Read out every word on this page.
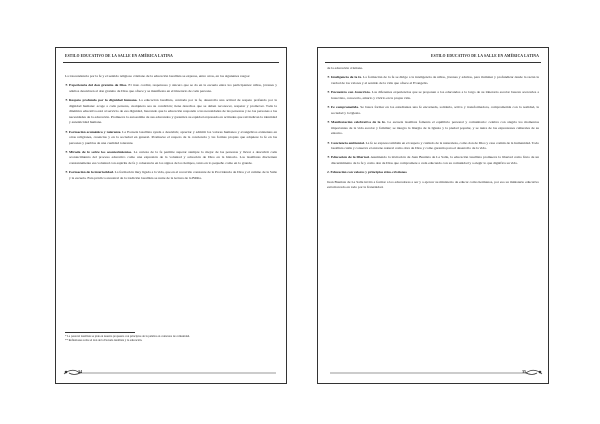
ESTILO EDUCATIVO DE LA SALLE EN AMÉRICA LATINA

La trascendencia por la fe y el sentido religioso cristiano de la educación lasallista se expresa, entre otros, en los siguientes rasgos:

❧ Experiencia del don gratuito de Dios. El trato cordial, respetuoso y sincero que se da en la escuela entre los participantes: niños, jóvenes y adultos descubren al don gratuito de Dios que ofrece y se manifiesta en el itinerario de cada persona.

❧ Respeto profundo por la dignidad humana. La educación lasallista, centrada por la fe, desarrolla una actitud de respeto profundo por la dignidad humana: acoge a cada persona, cualquiera sea su condición; tiene derechos que se deben reconocer, respetar y promover. Toda la dinámica educativa está al servicio de esa dignidad, buscando que la educación responda a las necesidades de las personas y no las personas a las necesidades de la educación. Promueve la autoestima de sus educandos y garantiza su equidad expresada en actitudes que reivindican la identidad y autenticidad humana.

❧ Formación ecuménica y tolerante. La Escuela lasallista ayuda a descubrir, apreciar y admitir los valores humanos y evangélicos existentes en otras religiones, creencias y en la sociedad en general. Promueve el respeto de la conciencia y las formas propias que adquiere la fe en las personas y pueblos de una cualidad tolerante.

❧ Mirada de fe sobre los acontecimientos. La certeza de la fe permite superar siempre lo mejor de las personas y llevar a descubrir cada acontecimiento del proceso educativo como una expresión de la voluntad y actuación de Dios en la historia. Los lasallistas disciernen constantemente esa voluntad con espíritu de fe y coherencia en los signos de los tiempos, tanto en lo pequeño como en lo grande.

❧ Formación de la interioridad. La formación muy ligada a la vida, que en el recorrido constante de la Providencia de Dios y el camino de la Salle y la escuela. Esta práctica ancestral de la tradición lasallista se nutre de la lectura de la Biblia.

* La pastoral lasallista se pide en nuestra propuesta con principios de la palabra en contextos de comunidad.
** Reflexiones sobre el don de la Escuela lasallista y la educación.
34
ESTILO EDUCATIVO DE LA SALLE EN AMÉRICA LATINA

de la educación cristiana.

❧ Inteligencia de la fe. La formación de la fe se dirige a la inteligencia de niños, jóvenes y adultos, para iluminar y profundizar desde la razón la verdad de los valores y el sentido de la vida que ofrece el Evangelio.

❧ Encuentro con Jesucristo. Las diferentes experiencias que se proponen a los educandos a lo largo de su itinerario escolar buscan acercarles a Jesucristo, conocerlo, amarlo y vivirlo en la propia vida.

❧ Fe comprometida. Se busca formar en los estudiantes una fe encarnada, solidaria, activa y transformadora, comprometida con la realidad, la sociedad y la Iglesia.

❧ Manifestación celebrativa de la fe. La escuela lasallista fomenta el equilibrio personal y comunitario: celebra con alegría los momentos importantes de la vida escolar y familiar; se integra la liturgia de la Iglesia y la piedad popular, y se nutre de las expresiones culturales de su entorno.

❧ Conciencia ambiental. La fe se expresa también en el respeto y cuidado de la naturaleza, como don de Dios y casa común de la humanidad. Todo lasallista cuida y conserva el entorno natural como obra de Dios y como garantía para el desarrollo de la vida.

❧ Educación de la libertad. Asumiendo la invitación de Juan Bautista de La Salle, la educación lasallista promueve la libertad como fruto de un discernimiento de la fe y como don de Dios que compromete a cada educando con su comunidad y a elegir lo que dignifica su vida.

2. Educación con valores y principios ético-cristianos

Juan Bautista de La Salle invitó a formar a los educadores a ser y a ejercer su ministerio de educar como hermanos, por eso su ministerio educativo está marcado en todo por la fraternidad.

35
